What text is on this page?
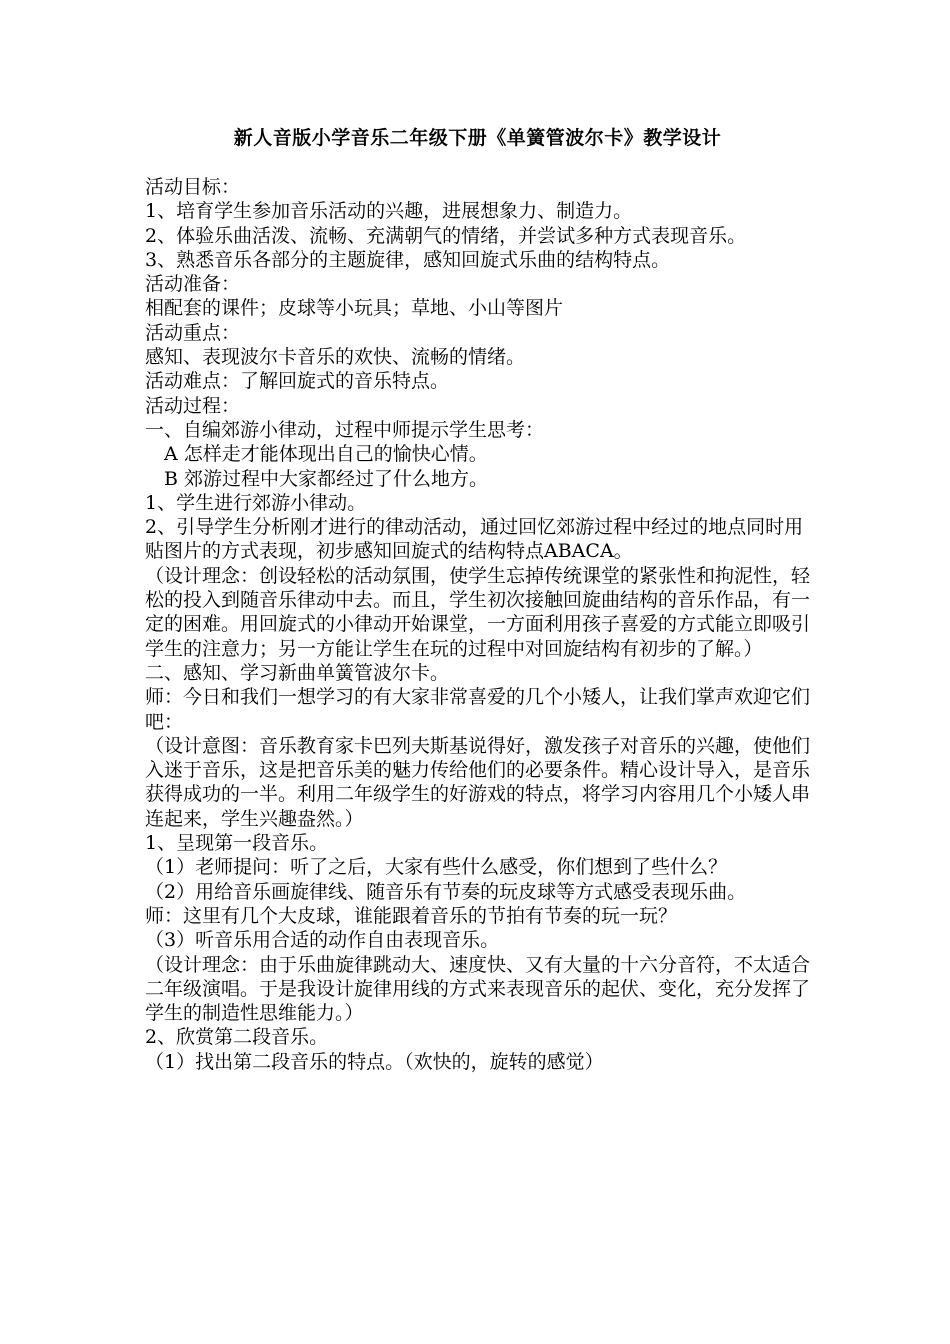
新人音版小学音乐二年级下册《单簧管波尔卡》教学设计

活动目标：

1、培育学生参加音乐活动的兴趣，进展想象力、制造力。

2、体验乐曲活泼、流畅、充满朝气的情绪，并尝试多种方式表现音乐。

3、熟悉音乐各部分的主题旋律，感知回旋式乐曲的结构特点。

活动准备：

相配套的课件；皮球等小玩具；草地、小山等图片

活动重点：

感知、表现波尔卡音乐的欢快、流畅的情绪。

活动难点：了解回旋式的音乐特点。

活动过程：

一、自编郊游小律动，过程中师提示学生思考：

A 怎样走才能体现出自己的愉快心情。

B 郊游过程中大家都经过了什么地方。

1、学生进行郊游小律动。

2、引导学生分析刚才进行的律动活动，通过回忆郊游过程中经过的地点同时用贴图片的方式表现，初步感知回旋式的结构特点ABACA。

（设计理念：创设轻松的活动氛围，使学生忘掉传统课堂的紧张性和拘泥性，轻松的投入到随音乐律动中去。而且，学生初次接触回旋曲结构的音乐作品，有一定的困难。用回旋式的小律动开始课堂，一方面利用孩子喜爱的方式能立即吸引学生的注意力；另一方能让学生在玩的过程中对回旋结构有初步的了解。）

二、感知、学习新曲单簧管波尔卡。

师：今日和我们一想学习的有大家非常喜爱的几个小矮人，让我们掌声欢迎它们吧：

（设计意图：音乐教育家卡巴列夫斯基说得好，激发孩子对音乐的兴趣，使他们入迷于音乐，这是把音乐美的魅力传给他们的必要条件。精心设计导入，是音乐获得成功的一半。利用二年级学生的好游戏的特点，将学习内容用几个小矮人串连起来，学生兴趣盎然。）

1、呈现第一段音乐。

（1）老师提问：听了之后，大家有些什么感受，你们想到了些什么？

（2）用给音乐画旋律线、随音乐有节奏的玩皮球等方式感受表现乐曲。

师：这里有几个大皮球，谁能跟着音乐的节拍有节奏的玩一玩？

（3）听音乐用合适的动作自由表现音乐。

（设计理念：由于乐曲旋律跳动大、速度快、又有大量的十六分音符，不太适合二年级演唱。于是我设计旋律用线的方式来表现音乐的起伏、变化，充分发挥了学生的制造性思维能力。）

2、欣赏第二段音乐。

（1）找出第二段音乐的特点。（欢快的，旋转的感觉）
